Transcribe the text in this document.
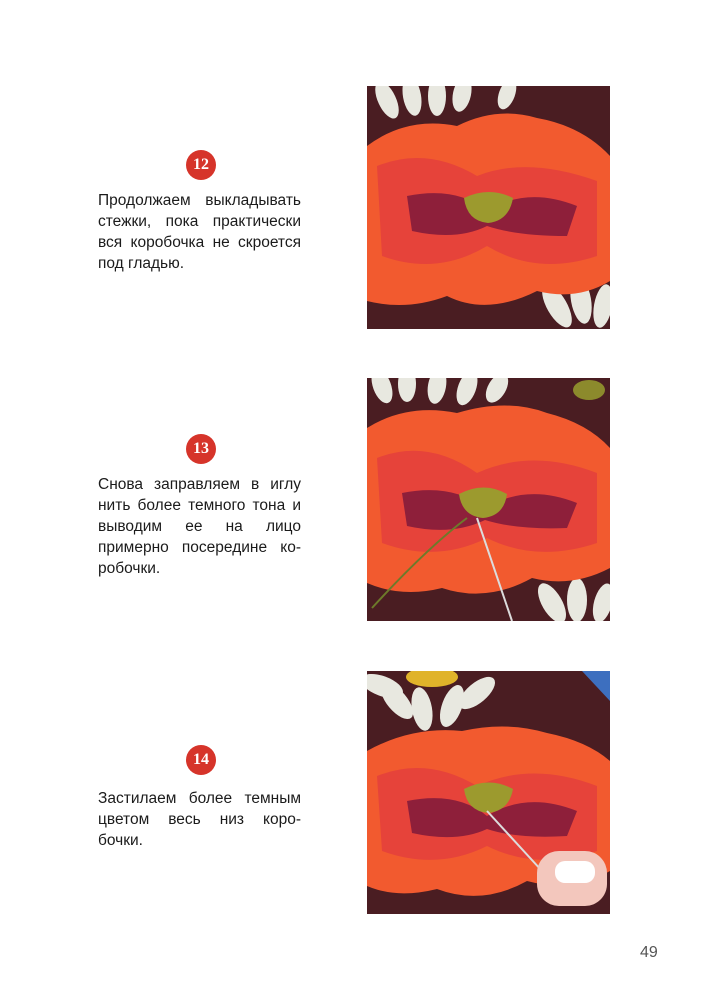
12
Продолжаем выкладывать стежки, пока практически вся коробочка не скроется под гладью.
13
Снова заправляем в иглу нить более темного тона и выводим ее на лицо примерно посередине ко-робочки.
14
Застилаем более темным цветом весь низ коро-бочки.
49
